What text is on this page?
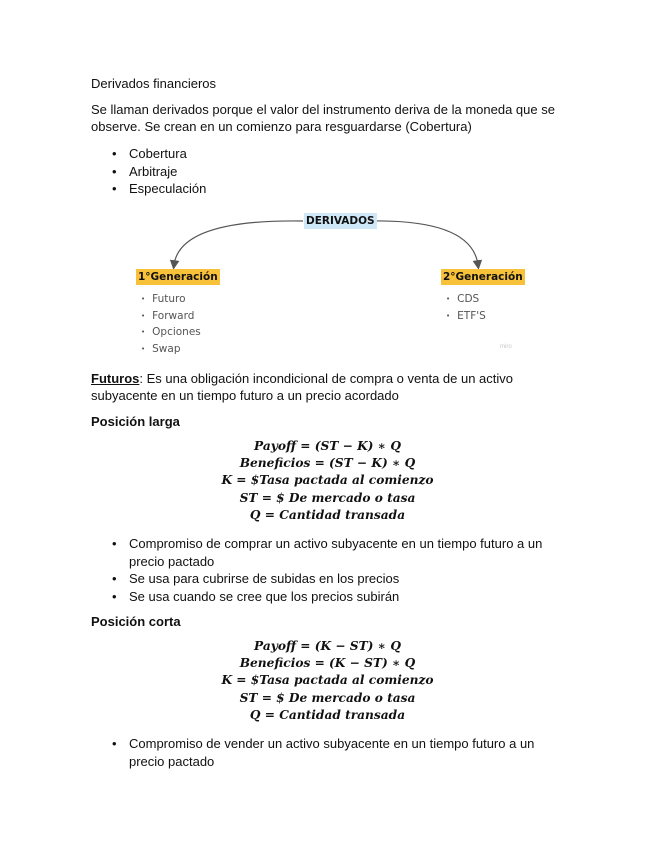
Derivados financieros
Se llaman derivados porque el valor del instrumento deriva de la moneda que se
observe. Se crean en un comienzo para resguardarse (Cobertura)
• Cobertura
• Arbitraje
• Especulación
DERIVADOS
1°Generación
• Futuro
• Forward
• Opciones
• Swap
2°Generación
• CDS
• ETF'S
miro
Futuros: Es una obligación incondicional de compra o venta de un activo
subyacente en un tiempo futuro a un precio acordado
Posición larga
Payoff = (ST − K) ∗ Q
Beneficios = (ST − K) ∗ Q
K = $Tasa pactada al comienzo
ST = $ De mercado o tasa
Q = Cantidad transada
• Compromiso de comprar un activo subyacente en un tiempo futuro a un
precio pactado
• Se usa para cubrirse de subidas en los precios
• Se usa cuando se cree que los precios subirán
Posición corta
Payoff = (K − ST) ∗ Q
Beneficios = (K − ST) ∗ Q
K = $Tasa pactada al comienzo
ST = $ De mercado o tasa
Q = Cantidad transada
• Compromiso de vender un activo subyacente en un tiempo futuro a un
precio pactado
